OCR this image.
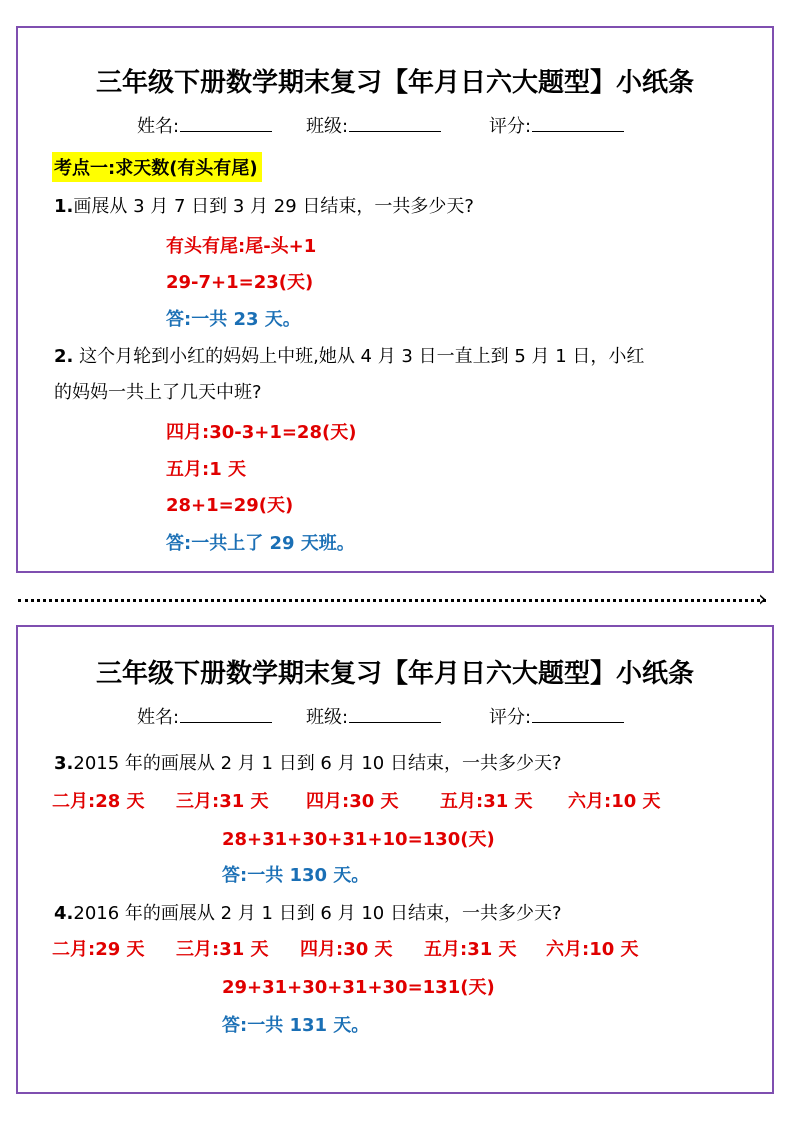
三年级下册数学期末复习【年月日六大题型】小纸条
姓名:	班级:	评分:
考点一:求天数(有头有尾)
1.画展从 3 月 7 日到 3 月 29 日结束，一共多少天?
有头有尾:尾-头+1
29-7+1=23(天)
答:一共 23 天。
2. 这个月轮到小红的妈妈上中班,她从 4 月 3 日一直上到 5 月 1 日，小红
的妈妈一共上了几天中班?
四月:30-3+1=28(天)
五月:1 天
28+1=29(天)
答:一共上了 29 天班。
›
三年级下册数学期末复习【年月日六大题型】小纸条
姓名:	班级:	评分:
3.2015 年的画展从 2 月 1 日到 6 月 10 日结束，一共多少天?
二月:28 天 三月:31 天 四月:30 天 五月:31 天 六月:10 天
28+31+30+31+10=130(天)
答:一共 130 天。
4.2016 年的画展从 2 月 1 日到 6 月 10 日结束，一共多少天?
二月:29 天 三月:31 天 四月:30 天 五月:31 天 六月:10 天
29+31+30+31+30=131(天)
答:一共 131 天。
